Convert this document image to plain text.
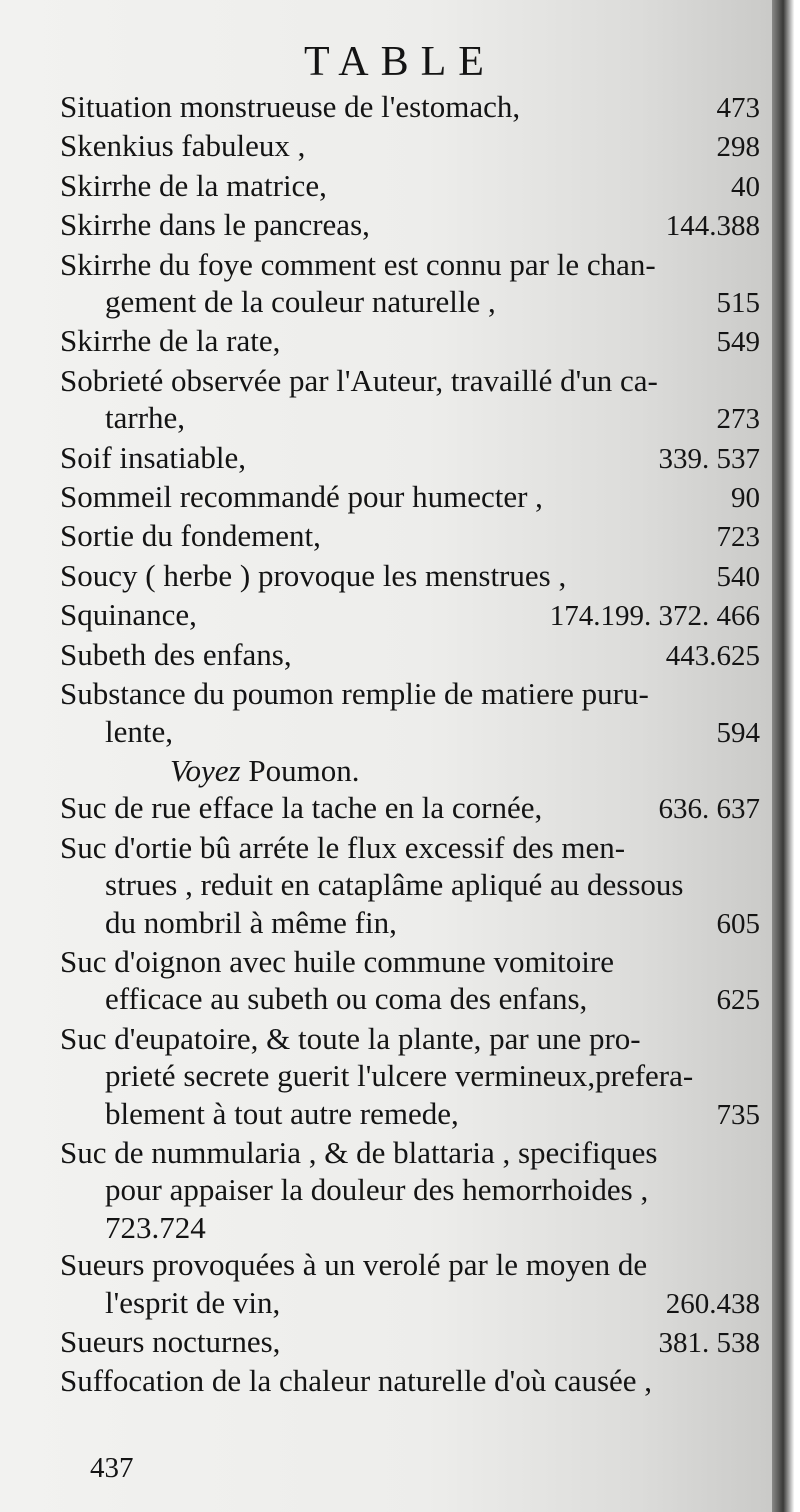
TABLE
Situation monstrueuse de l'estomach,	473
Skenkius fabuleux ,	298
Skirrhe de la matrice,	40
Skirrhe dans le pancreas,	144.388
Skirrhe du foye comment est connu par le chan-
gement de la couleur naturelle ,	515
Skirrhe de la rate,	549
Sobrieté observée par l'Auteur, travaillé d'un ca-
tarrhe,	273
Soif insatiable,	339. 537
Sommeil recommandé pour humecter ,	90
Sortie du fondement,	723
Soucy ( herbe ) provoque les menstrues ,	540
Squinance,	174.199. 372. 466
Subeth des enfans,	443.625
Substance du poumon remplie de matiere puru-
lente,	594
Voyez Poumon.
Suc de rue efface la tache en la cornée,	636. 637
Suc d'ortie bû arréte le flux excessif des men-
strues , reduit en cataplâme apliqué au dessous
du nombril à même fin,	605
Suc d'oignon avec huile commune vomitoire
efficace au subeth ou coma des enfans,	625
Suc d'eupatoire, & toute la plante, par une pro-
prieté secrete guerit l'ulcere vermineux,prefera-
blement à tout autre remede,	735
Suc de nummularia , & de blattaria , specifiques
pour appaiser la douleur des hemorrhoides ,
723.724
Sueurs provoquées à un verolé par le moyen de
l'esprit de vin,	260.438
Sueurs nocturnes,	381. 538
Suffocation de la chaleur naturelle d'où causée ,
437
